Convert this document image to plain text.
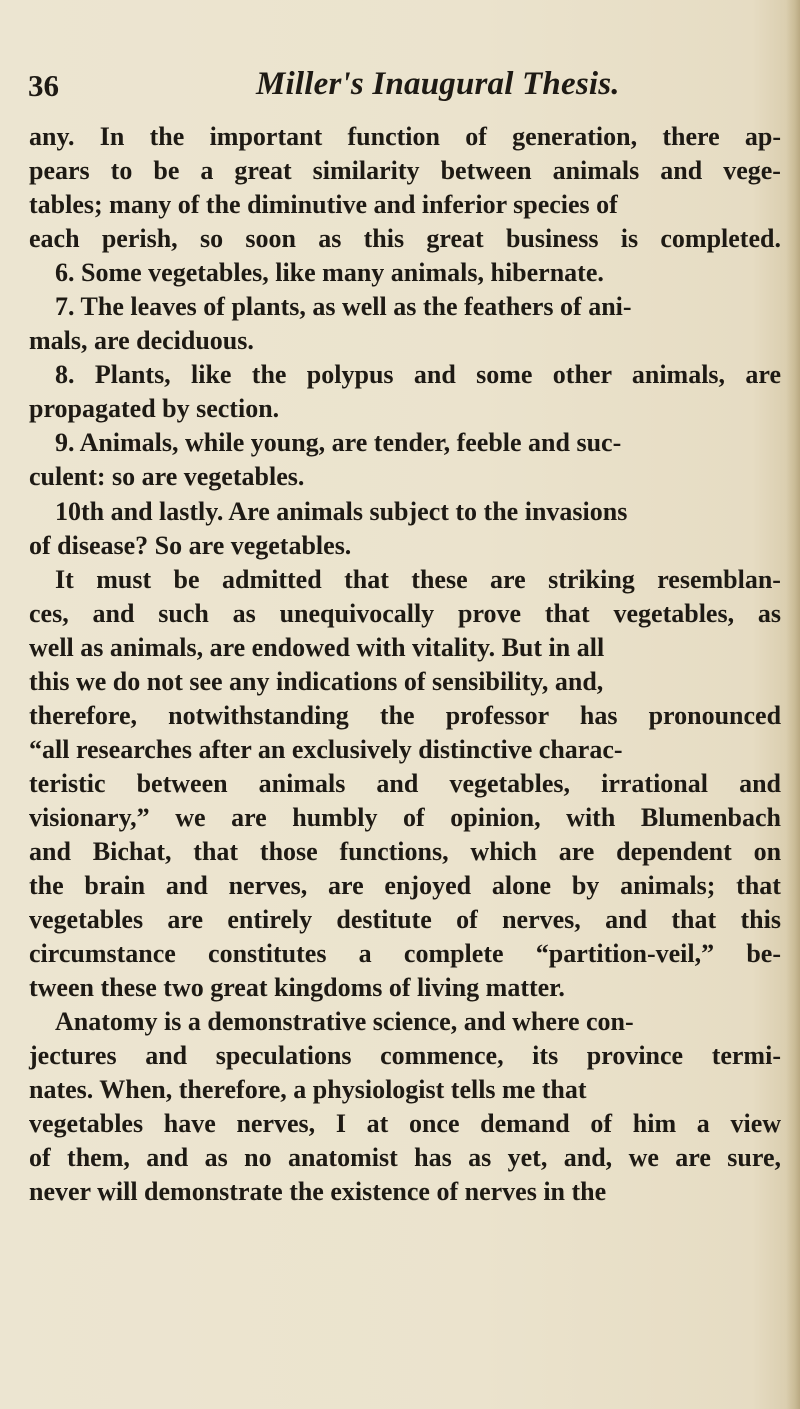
36	Miller's Inaugural Thesis.
any. In the important function of generation, there ap-
pears to be a great similarity between animals and vege-
tables; many of the diminutive and inferior species of
each perish, so soon as this great business is completed.
6. Some vegetables, like many animals, hibernate.
7. The leaves of plants, as well as the feathers of ani-
mals, are deciduous.
8. Plants, like the polypus and some other animals, are
propagated by section.
9. Animals, while young, are tender, feeble and suc-
culent: so are vegetables.
10th and lastly. Are animals subject to the invasions
of disease? So are vegetables.
It must be admitted that these are striking resemblan-
ces, and such as unequivocally prove that vegetables, as
well as animals, are endowed with vitality. But in all
this we do not see any indications of sensibility, and,
therefore, notwithstanding the professor has pronounced
“all researches after an exclusively distinctive charac-
teristic between animals and vegetables, irrational and
visionary,” we are humbly of opinion, with Blumenbach
and Bichat, that those functions, which are dependent on
the brain and nerves, are enjoyed alone by animals; that
vegetables are entirely destitute of nerves, and that this
circumstance constitutes a complete “partition-veil,” be-
tween these two great kingdoms of living matter.
Anatomy is a demonstrative science, and where con-
jectures and speculations commence, its province termi-
nates. When, therefore, a physiologist tells me that
vegetables have nerves, I at once demand of him a view
of them, and as no anatomist has as yet, and, we are sure,
never will demonstrate the existence of nerves in the
